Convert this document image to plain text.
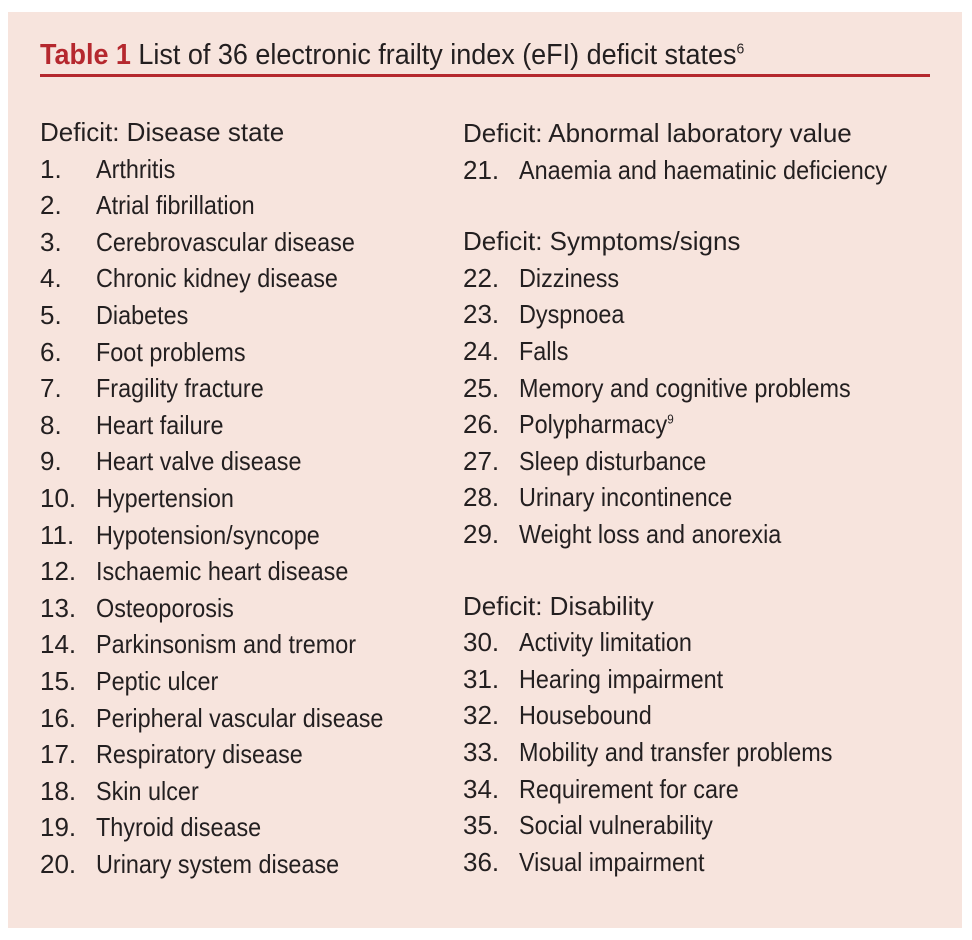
Table 1 List of 36 electronic frailty index (eFI) deficit states$^6$
Deficit: Disease state
1.	Arthritis
2.	Atrial fibrillation
3.	Cerebrovascular disease
4.	Chronic kidney disease
5.	Diabetes
6.	Foot problems
7.	Fragility fracture
8.	Heart failure
9.	Heart valve disease
10. Hypertension
11. Hypotension/syncope
12. Ischaemic heart disease
13. Osteoporosis
14. Parkinsonism and tremor
15. Peptic ulcer
16. Peripheral vascular disease
17. Respiratory disease
18. Skin ulcer
19. Thyroid disease
20. Urinary system disease
Deficit: Abnormal laboratory value
21. Anaemia and haematinic deficiency
Deficit: Symptoms/signs
22. Dizziness
23. Dyspnoea
24. Falls
25. Memory and cognitive problems
26. Polypharmacy$^9$
27. Sleep disturbance
28. Urinary incontinence
29. Weight loss and anorexia
Deficit: Disability
30. Activity limitation
31. Hearing impairment
32. Housebound
33. Mobility and transfer problems
34. Requirement for care
35. Social vulnerability
36. Visual impairment
